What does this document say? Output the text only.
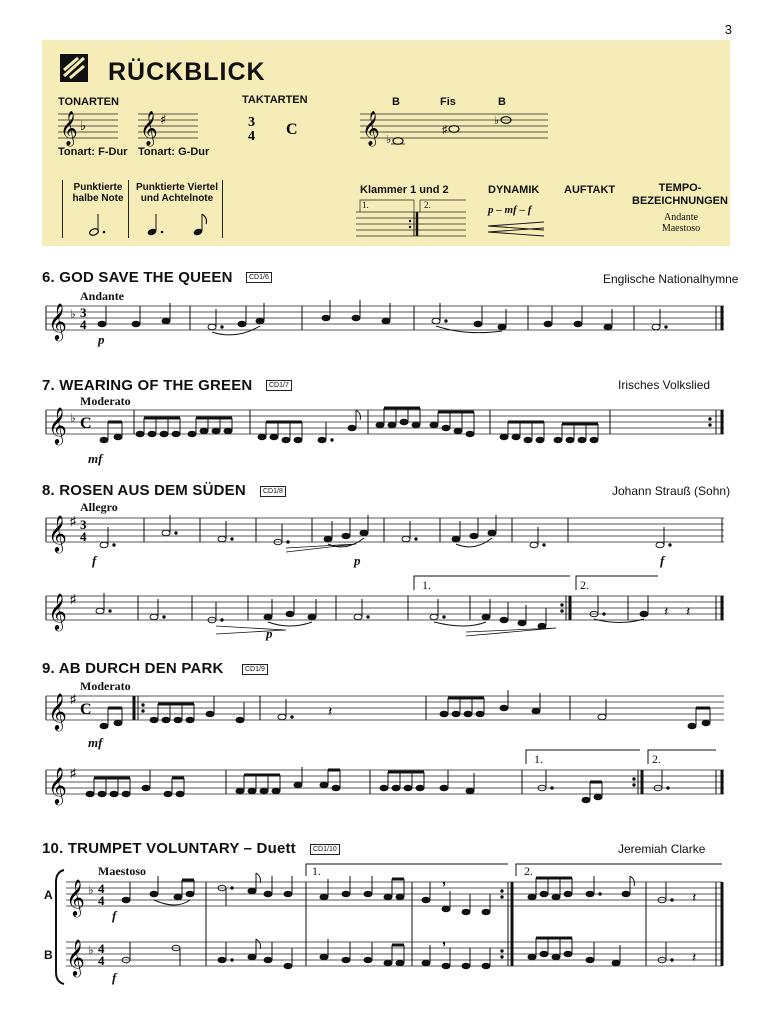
3
RÜCKBLICK
TONARTEN
𝄞 ♭ 𝄞 ♯
Tonart: F-Dur Tonart: G-Dur
TAKTARTEN
3
4 C
B	Fis	B
𝄞 ♭
♯
♭
Punktierte halbe Note
Punktierte Viertel und Achtelnote
Klammer 1 und 2
1.	2.
DYNAMIK
p – mf – f
AUFTAKT	TEMPO-BEZEICHNUNGEN
Andante Maestoso
6. GOD SAVE THE QUEEN	CD1/6	Englische Nationalhymne
Andante
p
𝄞 ♭ 3
4
7. WEARING OF THE GREEN	CD1/7	Irisches Volkslied
Moderato
mf
𝄞 ♭ C
8. ROSEN AUS DEM SÜDEN	CD1/8	Johann Strauß (Sohn)
Allegro
f	p	f
𝄞 ♯ 3
4
1.	2.
p
𝄞 ♯
𝄽 𝄽
9. AB DURCH DEN PARK	CD1/9
Moderato
mf
𝄞 ♯
C	𝄽
1.	2.
𝄞 ♯
10. TRUMPET VOLUNTARY – Duett	CD1/10	Jeremiah Clarke
Maestoso
A
B
f
f
1.	2.
𝄞 ♭ 4
4
𝄞 ♭ 4
4
𝄽
𝄽
,
,
